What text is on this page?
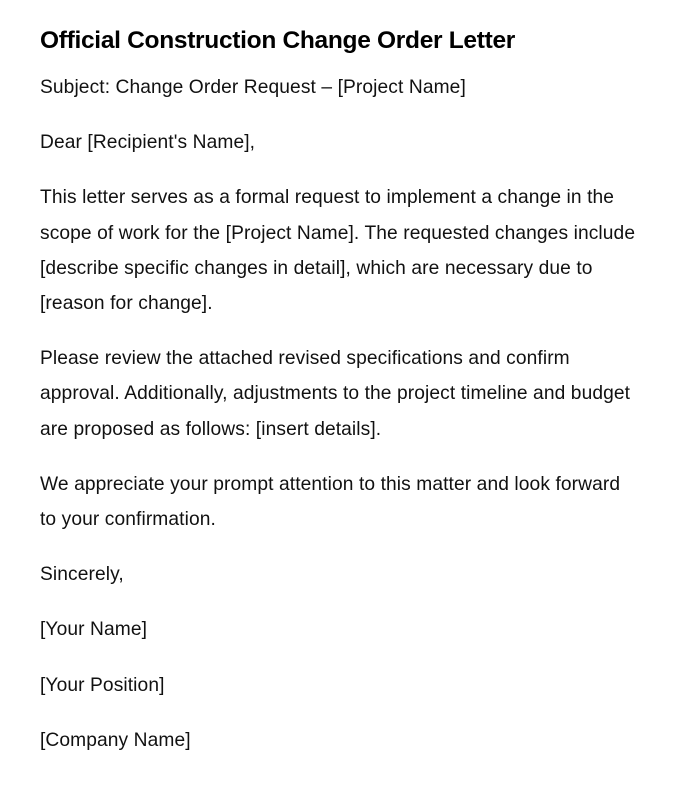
Official Construction Change Order Letter

Subject: Change Order Request – [Project Name]

Dear [Recipient's Name],

This letter serves as a formal request to implement a change in the scope of work for the [Project Name]. The requested changes include [describe specific changes in detail], which are necessary due to [reason for change].

Please review the attached revised specifications and confirm approval. Additionally, adjustments to the project timeline and budget are proposed as follows: [insert details].

We appreciate your prompt attention to this matter and look forward to your confirmation.

Sincerely,

[Your Name]

[Your Position]

[Company Name]
